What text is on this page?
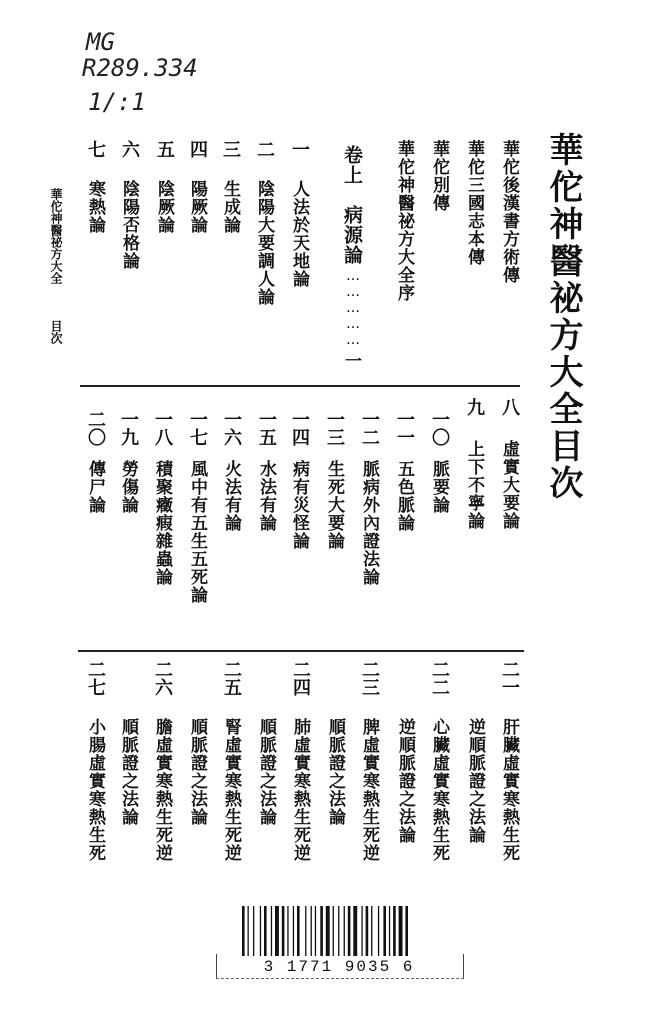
MG
R289.334
1/:1
華佗神醫祕方大全目次
華佗神醫祕方大全
目次
華佗後漢書方術傳
華佗三國志本傳
華佗別傳
華佗神醫祕方大全序
卷上
病源論
……………
一
一
人法於天地論
二
陰陽大要調人論
三
生成論
四
陽厥論
五
陰厥論
六
陰陽否格論
七
寒熱論
八
虛實大要論
九
上下不寧論
一〇
脈要論
一一
五色脈論
一二
脈病外內證法論
一三
生死大要論
一四
病有災怪論
一五
水法有論
一六
火法有論
一七
風中有五生五死論
一八
積聚癥瘕雜蟲論
一九
勞傷論
二〇
傳尸論
二一
肝臟虛實寒熱生死
逆順脈證之法論
二二
心臟虛實寒熱生死
逆順脈證之法論
二三
脾虛實寒熱生死逆
順脈證之法論
二四
肺虛實寒熱生死逆
順脈證之法論
二五
腎虛實寒熱生死逆
順脈證之法論
二六
膽虛實寒熱生死逆
順脈證之法論
二七
小腸虛實寒熱生死
3 1771 9035 6
